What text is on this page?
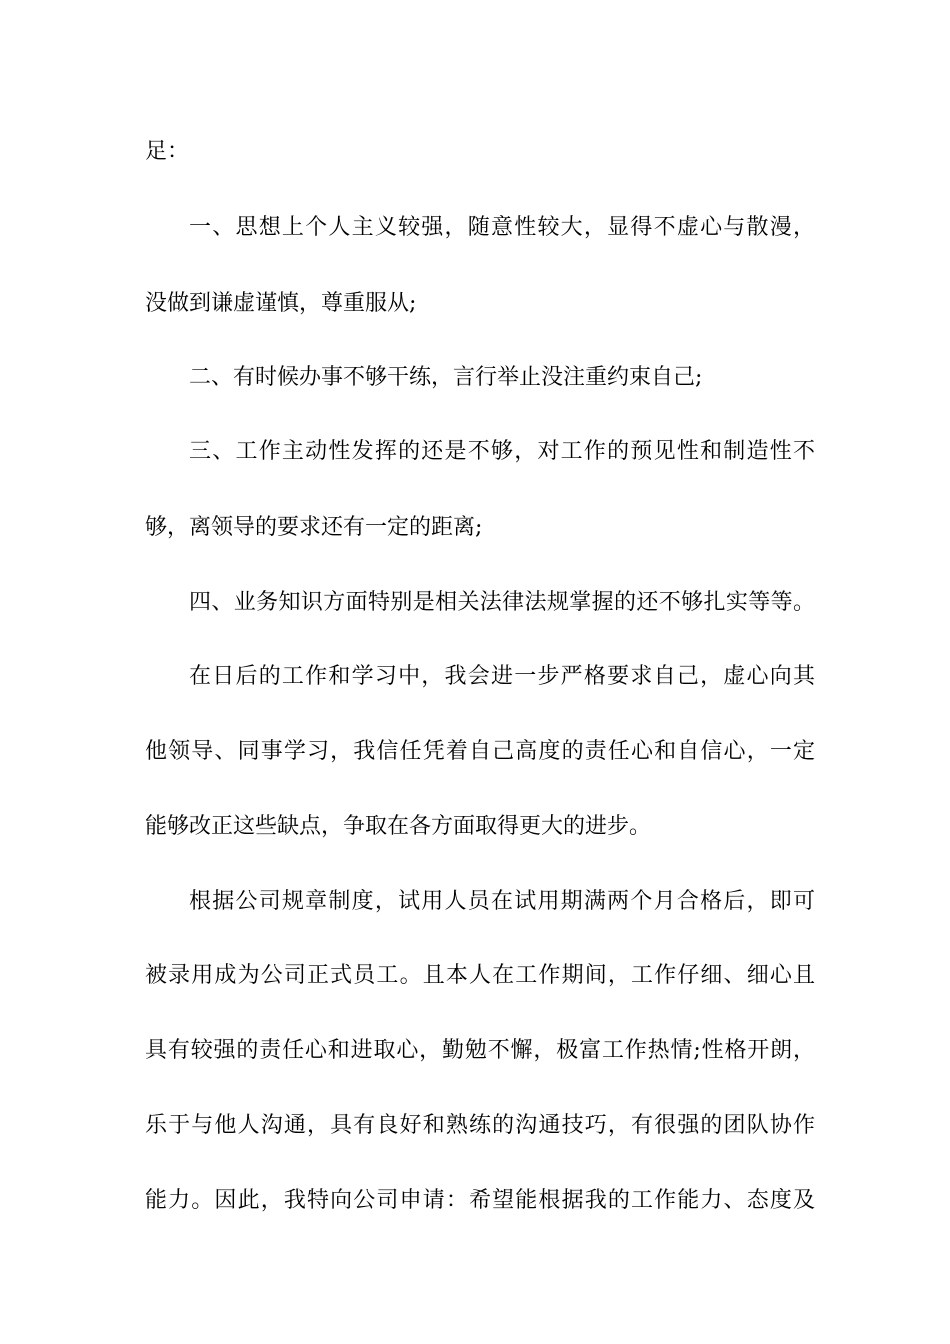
足：
一、思想上个人主义较强，随意性较大，显得不虚心与散漫，
没做到谦虚谨慎，尊重服从;
二、有时候办事不够干练，言行举止没注重约束自己;
三、工作主动性发挥的还是不够，对工作的预见性和制造性不
够，离领导的要求还有一定的距离;
四、业务知识方面特别是相关法律法规掌握的还不够扎实等等。
在日后的工作和学习中，我会进一步严格要求自己，虚心向其
他领导、同事学习，我信任凭着自己高度的责任心和自信心，一定
能够改正这些缺点，争取在各方面取得更大的进步。
根据公司规章制度，试用人员在试用期满两个月合格后，即可
被录用成为公司正式员工。且本人在工作期间，工作仔细、细心且
具有较强的责任心和进取心，勤勉不懈，极富工作热情;性格开朗，
乐于与他人沟通，具有良好和熟练的沟通技巧，有很强的团队协作
能力。因此，我特向公司申请：希望能根据我的工作能力、态度及
